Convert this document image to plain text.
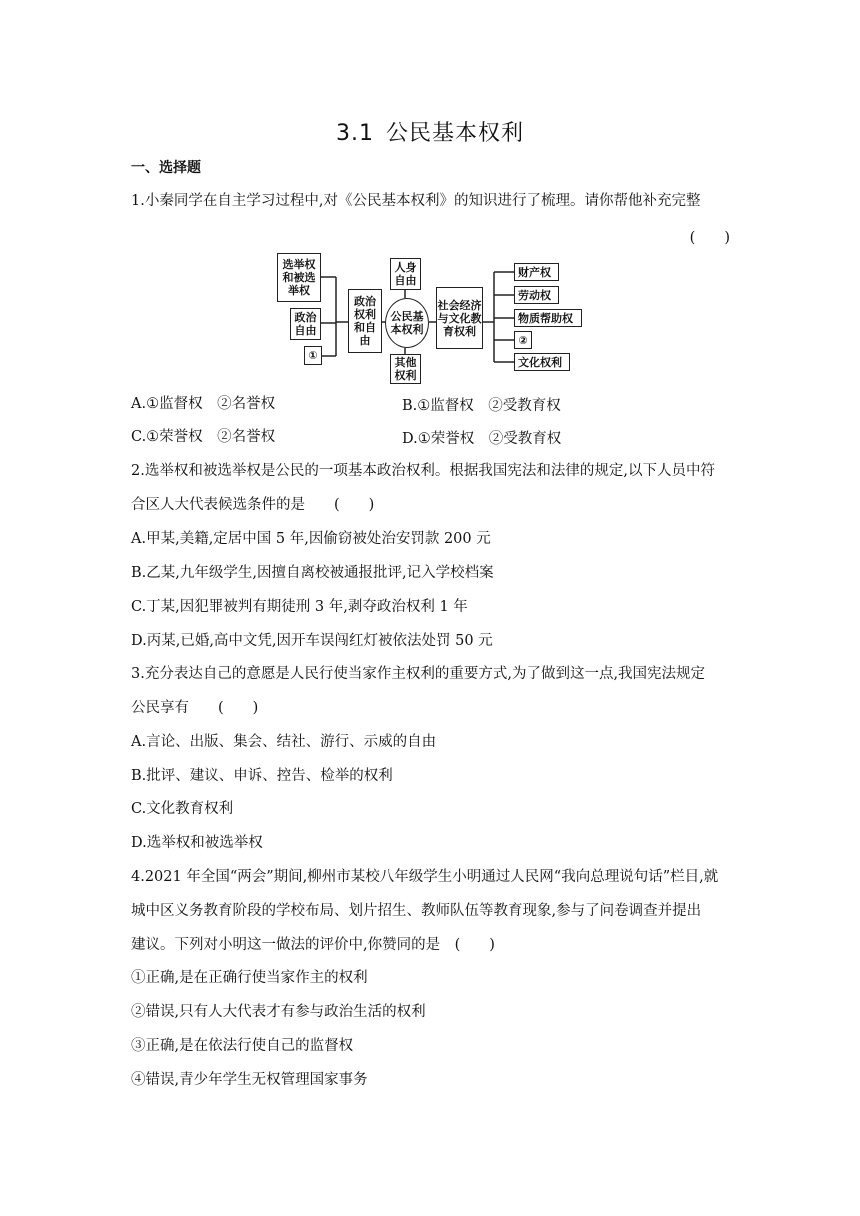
3.1 公民基本权利
一、选择题
1.小秦同学在自主学习过程中,对《公民基本权利》的知识进行了梳理。请你帮他补充完整
(　　)
选举权和被选举权
政治自由
①
政治权利和自由
人身自由
公民基本权利
其他权利
社会经济与文化教育权利
财产权
劳动权
物质帮助权
②
文化权利
A.①监督权　②名誉权	B.①监督权　②受教育权
C.①荣誉权　②名誉权	D.①荣誉权　②受教育权
2.选举权和被选举权是公民的一项基本政治权利。根据我国宪法和法律的规定,以下人员中符
合区人大代表候选条件的是　　(　　)
A.甲某,美籍,定居中国 5 年,因偷窃被处治安罚款 200 元
B.乙某,九年级学生,因擅自离校被通报批评,记入学校档案
C.丁某,因犯罪被判有期徒刑 3 年,剥夺政治权利 1 年
D.丙某,已婚,高中文凭,因开车误闯红灯被依法处罚 50 元
3.充分表达自己的意愿是人民行使当家作主权利的重要方式,为了做到这一点,我国宪法规定
公民享有　　(　　)
A.言论、出版、集会、结社、游行、示威的自由
B.批评、建议、申诉、控告、检举的权利
C.文化教育权利
D.选举权和被选举权
4.2021 年全国“两会”期间,柳州市某校八年级学生小明通过人民网“我向总理说句话”栏目,就
城中区义务教育阶段的学校布局、划片招生、教师队伍等教育现象,参与了问卷调查并提出
建议。下列对小明这一做法的评价中,你赞同的是　(　　)
①正确,是在正确行使当家作主的权利
②错误,只有人大代表才有参与政治生活的权利
③正确,是在依法行使自己的监督权
④错误,青少年学生无权管理国家事务
